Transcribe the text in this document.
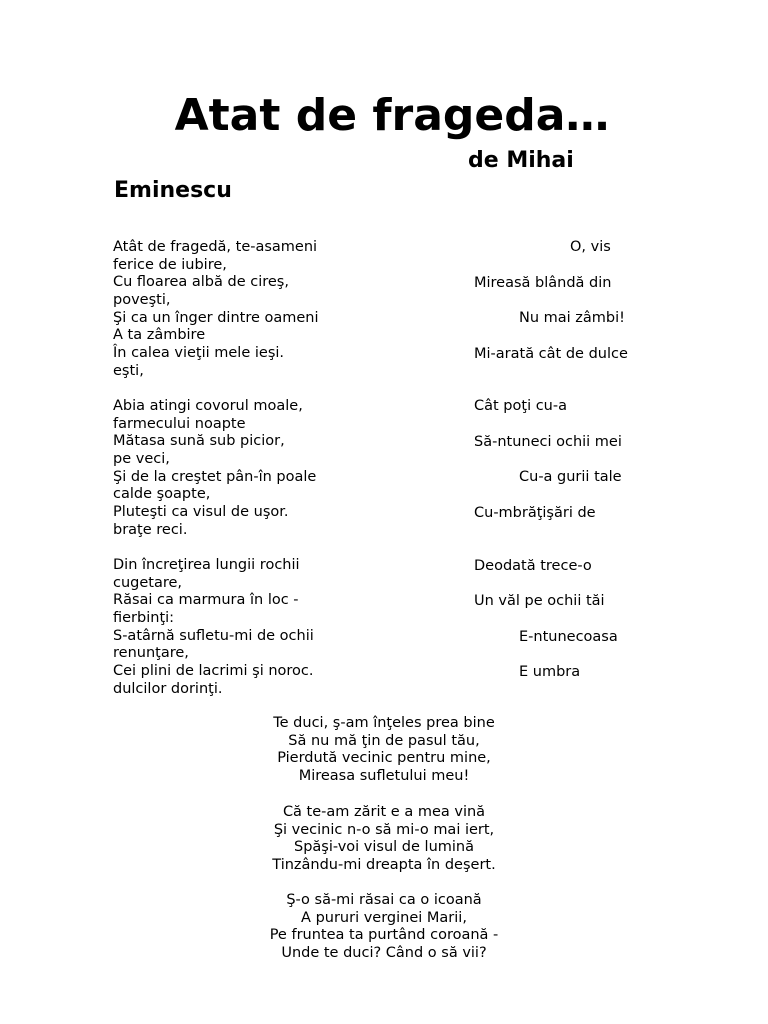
Atat de frageda…
de Mihai
Eminescu
Atât de fragedă, te-asameni
ferice de iubire,
Cu floarea albă de cireş,
poveşti,
Şi ca un înger dintre oameni
A ta zâmbire
În calea vieţii mele ieşi.
eşti,
Abia atingi covorul moale,
farmecului noapte
Mătasa sună sub picior,
pe veci,
Şi de la creştet pân-în poale
calde şoapte,
Pluteşti ca visul de uşor.
braţe reci.
Din încreţirea lungii rochii
cugetare,
Răsai ca marmura în loc -
fierbinţi:
S-atârnă sufletu-mi de ochii
renunţare,
Cei plini de lacrimi şi noroc.
dulcilor dorinţi.
O, vis
Mireasă blândă din
Nu mai zâmbi!
Mi-arată cât de dulce
Cât poţi cu-a
Să-ntuneci ochii mei
Cu-a gurii tale
Cu-mbrăţişări de
Deodată trece-o
Un văl pe ochii tăi
E-ntunecoasa
E umbra
Te duci, ş-am înţeles prea bine
Să nu mă ţin de pasul tău,
Pierdută vecinic pentru mine,
Mireasa sufletului meu!
Că te-am zărit e a mea vină
Şi vecinic n-o să mi-o mai iert,
Spăşi-voi visul de lumină
Tinzându-mi dreapta în deşert.
Ş-o să-mi răsai ca o icoană
A pururi verginei Marii,
Pe fruntea ta purtând coroană -
Unde te duci? Când o să vii?
